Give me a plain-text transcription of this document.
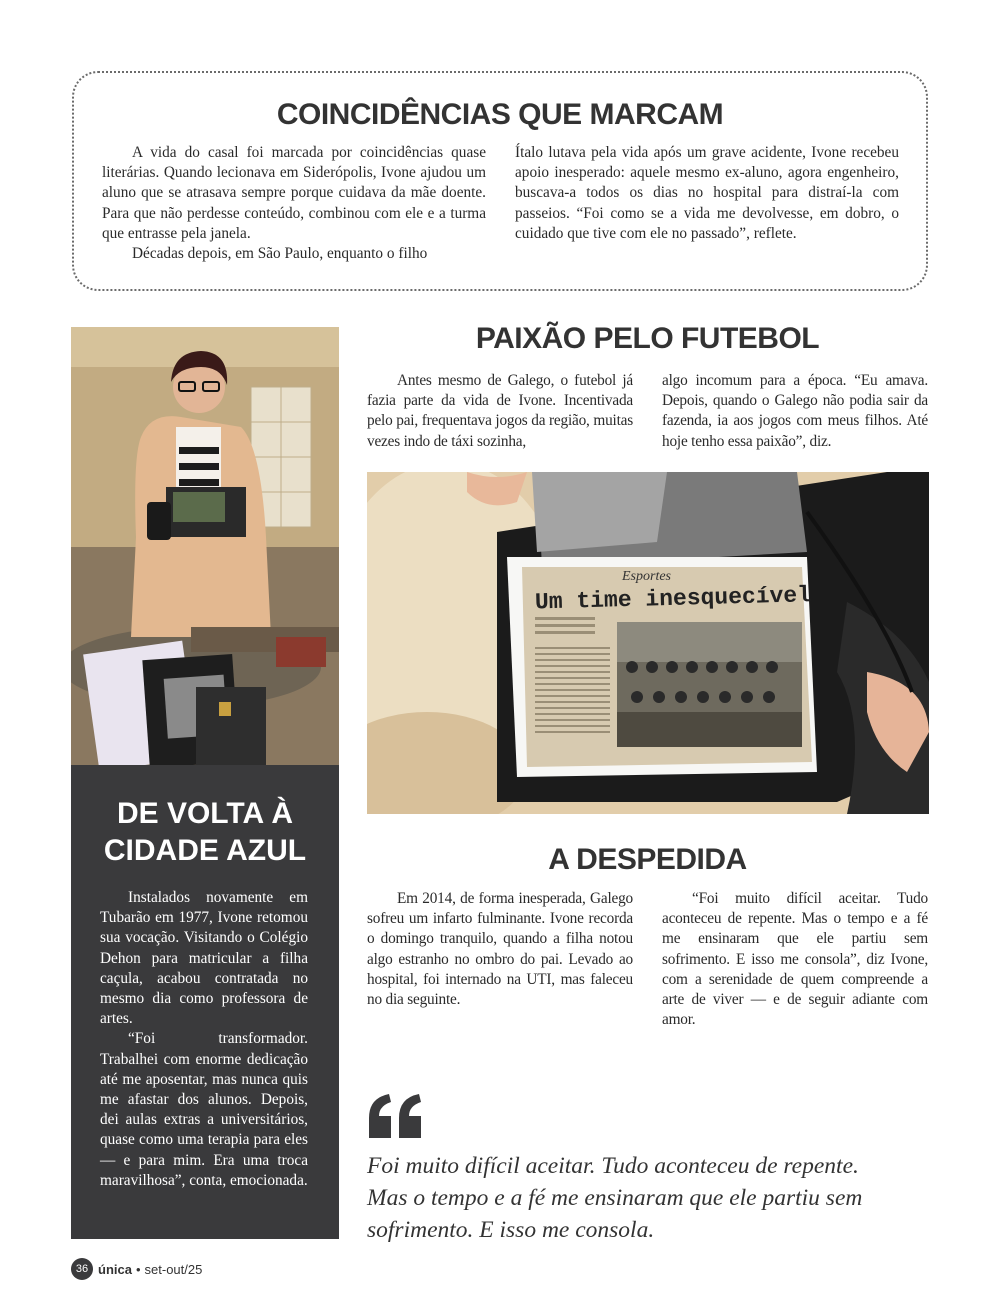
COINCIDÊNCIAS QUE MARCAM

A vida do casal foi marcada por coincidências quase literárias. Quando lecionava em Siderópolis, Ivone ajudou um aluno que se atrasava sempre porque cuidava da mãe doente. Para que não perdesse conteúdo, combinou com ele e a turma que entrasse pela janela.

Décadas depois, em São Paulo, enquanto o filho

Ítalo lutava pela vida após um grave acidente, Ivone recebeu apoio inesperado: aquele mesmo ex-aluno, agora engenheiro, buscava-a todos os dias no hospital para distraí-la com passeios. “Foi como se a vida me devolvesse, em dobro, o cuidado que tive com ele no passado”, reflete.

DE VOLTA À
CIDADE AZUL

Instalados novamente em Tubarão em 1977, Ivone retomou sua vocação. Visitando o Colégio Dehon para matricular a filha caçula, acabou contratada no mesmo dia como professora de artes.

“Foi transformador. Trabalhei com enorme dedicação até me aposentar, mas nunca quis me afastar dos alunos. Depois, dei aulas extras a universitários, quase como uma terapia para eles — e para mim. Era uma troca maravilhosa”, conta, emocionada.

PAIXÃO PELO FUTEBOL

Antes mesmo de Galego, o futebol já fazia parte da vida de Ivone. Incentivada pelo pai, frequentava jogos da região, muitas vezes indo de táxi sozinha,

algo incomum para a época. “Eu amava. Depois, quando o Galego não podia sair da fazenda, ia aos jogos com meus filhos. Até hoje tenho essa paixão”, diz.

Esportes
Um time inesquecível
A DESPEDIDA

Em 2014, de forma inesperada, Galego sofreu um infarto fulminante. Ivone recorda o domingo tranquilo, quando a filha notou algo estranho no ombro do pai. Levado ao hospital, foi internado na UTI, mas faleceu no dia seguinte.

“Foi muito difícil aceitar. Tudo aconteceu de repente. Mas o tempo e a fé me ensinaram que ele partiu sem sofrimento. E isso me consola”, diz Ivone, com a serenidade de quem compreende a arte de viver — e de seguir adiante com amor.

Foi muito difícil aceitar. Tudo aconteceu de repente. Mas o tempo e a fé me ensinaram que ele partiu sem sofrimento. E isso me consola.
36 única • set-out/25
